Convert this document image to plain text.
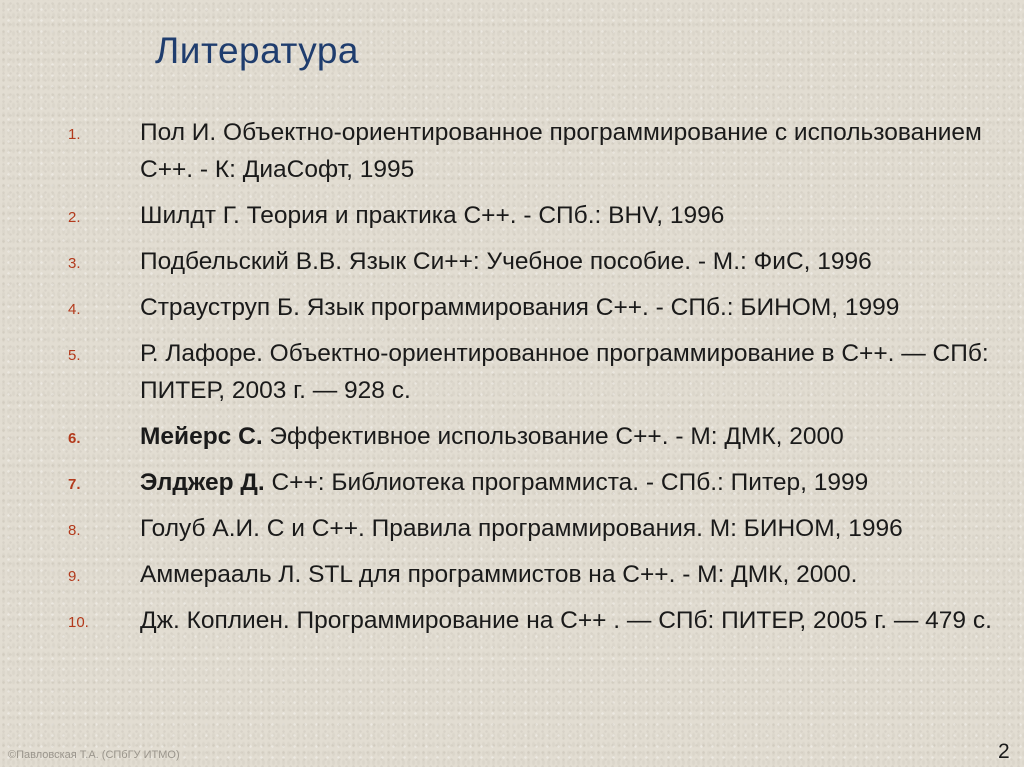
Литература
1. Пол И. Объектно-ориентированное программирование с использованием С++. - К: ДиаСофт, 1995
2. Шилдт Г. Теория и практика С++. - СПб.: BHV, 1996
3. Подбельский В.В. Язык Си++: Учебное пособие. - М.: ФиС, 1996
4. Страуструп Б. Язык программирования С++. - СПб.: БИНОМ, 1999
5. Р. Лафоре. Объектно-ориентированное программирование в С++. — СПб: ПИТЕР, 2003 г. — 928 с.
6. Мейерс С. Эффективное использование С++. - М: ДМК, 2000
7. Элджер Д. С++: Библиотека программиста. - СПб.: Питер, 1999
8. Голуб А.И. С и С++. Правила программирования. М: БИНОМ, 1996
9. Аммерааль Л. STL для программистов на С++. - М: ДМК, 2000.
10. Дж. Коплиен. Программирование на С++ . — СПб: ПИТЕР, 2005 г. — 479 с.
©Павловская Т.А. (СПбГУ ИТМО)	2
